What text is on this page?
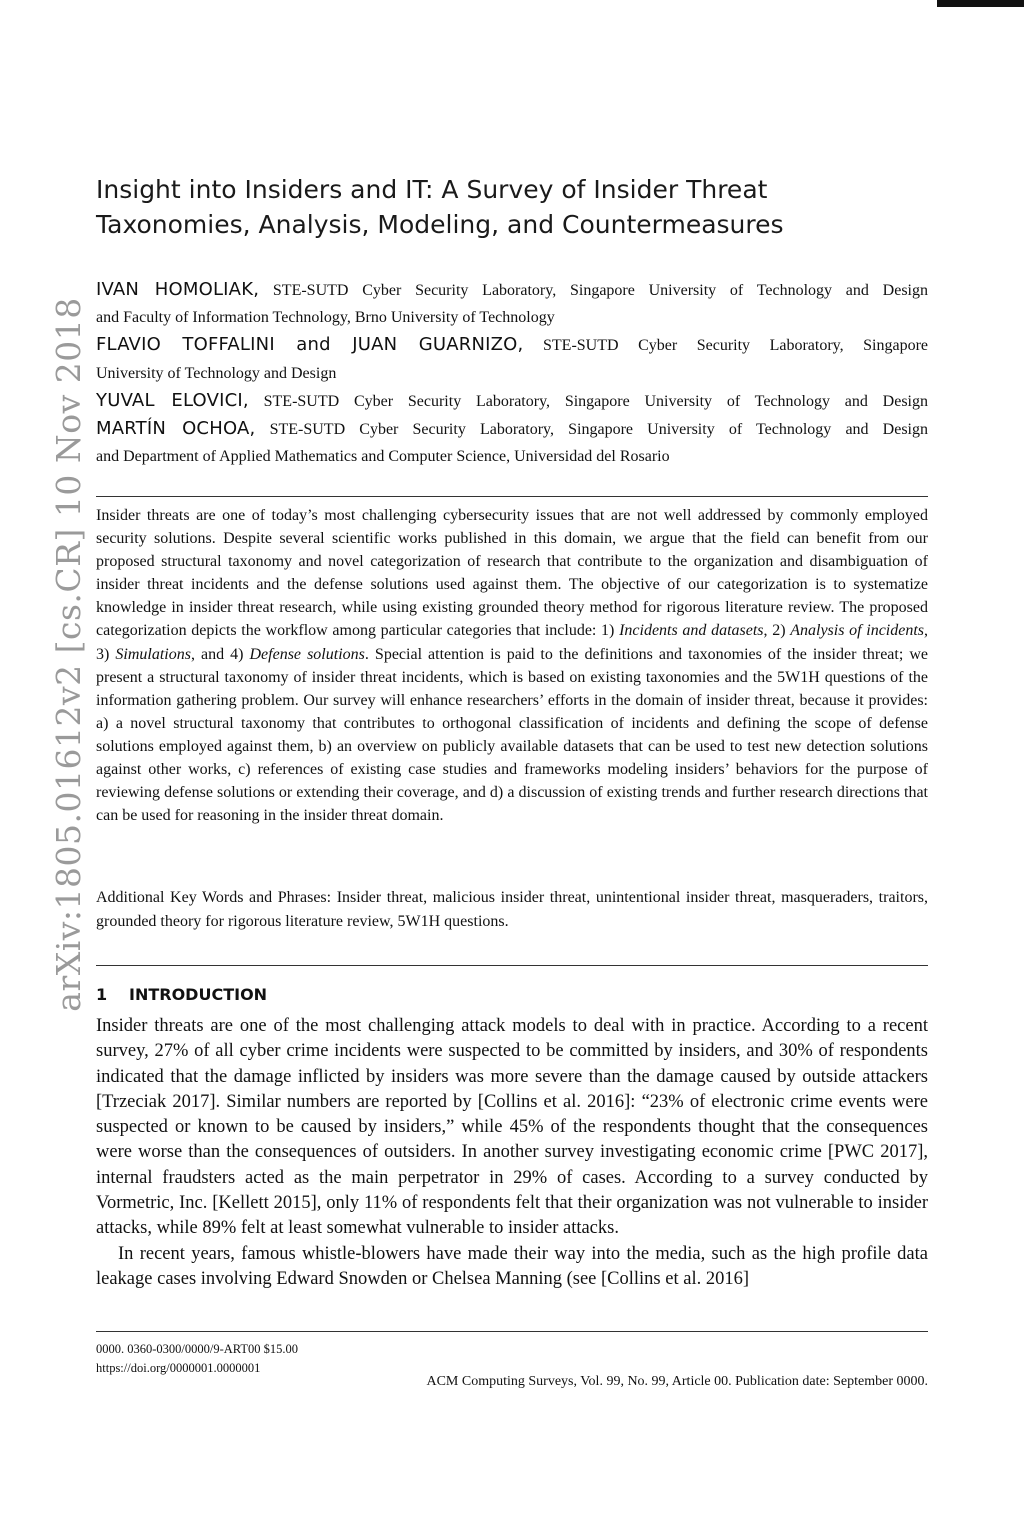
arXiv:1805.01612v2 [cs.CR] 10 Nov 2018
Insight into Insiders and IT: A Survey of Insider Threat
Taxonomies, Analysis, Modeling, and Countermeasures
IVAN HOMOLIAK, STE-SUTD Cyber Security Laboratory, Singapore University of Technology and Design
and Faculty of Information Technology, Brno University of Technology
FLAVIO TOFFALINI and JUAN GUARNIZO, STE-SUTD Cyber Security Laboratory, Singapore
University of Technology and Design
YUVAL ELOVICI, STE-SUTD Cyber Security Laboratory, Singapore University of Technology and Design
MARTÍN OCHOA, STE-SUTD Cyber Security Laboratory, Singapore University of Technology and Design
and Department of Applied Mathematics and Computer Science, Universidad del Rosario
Insider threats are one of today’s most challenging cybersecurity issues that are not well addressed by commonly employed security solutions. Despite several scientific works published in this domain, we argue that the field can benefit from our proposed structural taxonomy and novel categorization of research that contribute to the organization and disambiguation of insider threat incidents and the defense solutions used against them. The objective of our categorization is to systematize knowledge in insider threat research, while using existing grounded theory method for rigorous literature review. The proposed categorization depicts the workflow among particular categories that include: 1) Incidents and datasets, 2) Analysis of incidents, 3) Simulations, and 4) Defense solutions. Special attention is paid to the definitions and taxonomies of the insider threat; we present a structural taxonomy of insider threat incidents, which is based on existing taxonomies and the 5W1H questions of the information gathering problem. Our survey will enhance researchers’ efforts in the domain of insider threat, because it provides: a) a novel structural taxonomy that contributes to orthogonal classification of incidents and defining the scope of defense solutions employed against them, b) an overview on publicly available datasets that can be used to test new detection solutions against other works, c) references of existing case studies and frameworks modeling insiders’ behaviors for the purpose of reviewing defense solutions or extending their coverage, and d) a discussion of existing trends and further research directions that can be used for reasoning in the insider threat domain.
Additional Key Words and Phrases: Insider threat, malicious insider threat, unintentional insider threat, masqueraders, traitors, grounded theory for rigorous literature review, 5W1H questions.
1 INTRODUCTION

Insider threats are one of the most challenging attack models to deal with in practice. According to a recent survey, 27% of all cyber crime incidents were suspected to be committed by insiders, and 30% of respondents indicated that the damage inflicted by insiders was more severe than the damage caused by outside attackers [Trzeciak 2017]. Similar numbers are reported by [Collins et al. 2016]: “23% of electronic crime events were suspected or known to be caused by insiders,” while 45% of the respondents thought that the consequences were worse than the consequences of outsiders. In another survey investigating economic crime [PWC 2017], internal fraudsters acted as the main perpetrator in 29% of cases. According to a survey conducted by Vormetric, Inc. [Kellett 2015], only 11% of respondents felt that their organization was not vulnerable to insider attacks, while 89% felt at least somewhat vulnerable to insider attacks.

In recent years, famous whistle-blowers have made their way into the media, such as the high profile data leakage cases involving Edward Snowden or Chelsea Manning (see [Collins et al. 2016]

0000. 0360-0300/0000/9-ART00 $15.00
https://doi.org/0000001.0000001
ACM Computing Surveys, Vol. 99, No. 99, Article 00. Publication date: September 0000.
